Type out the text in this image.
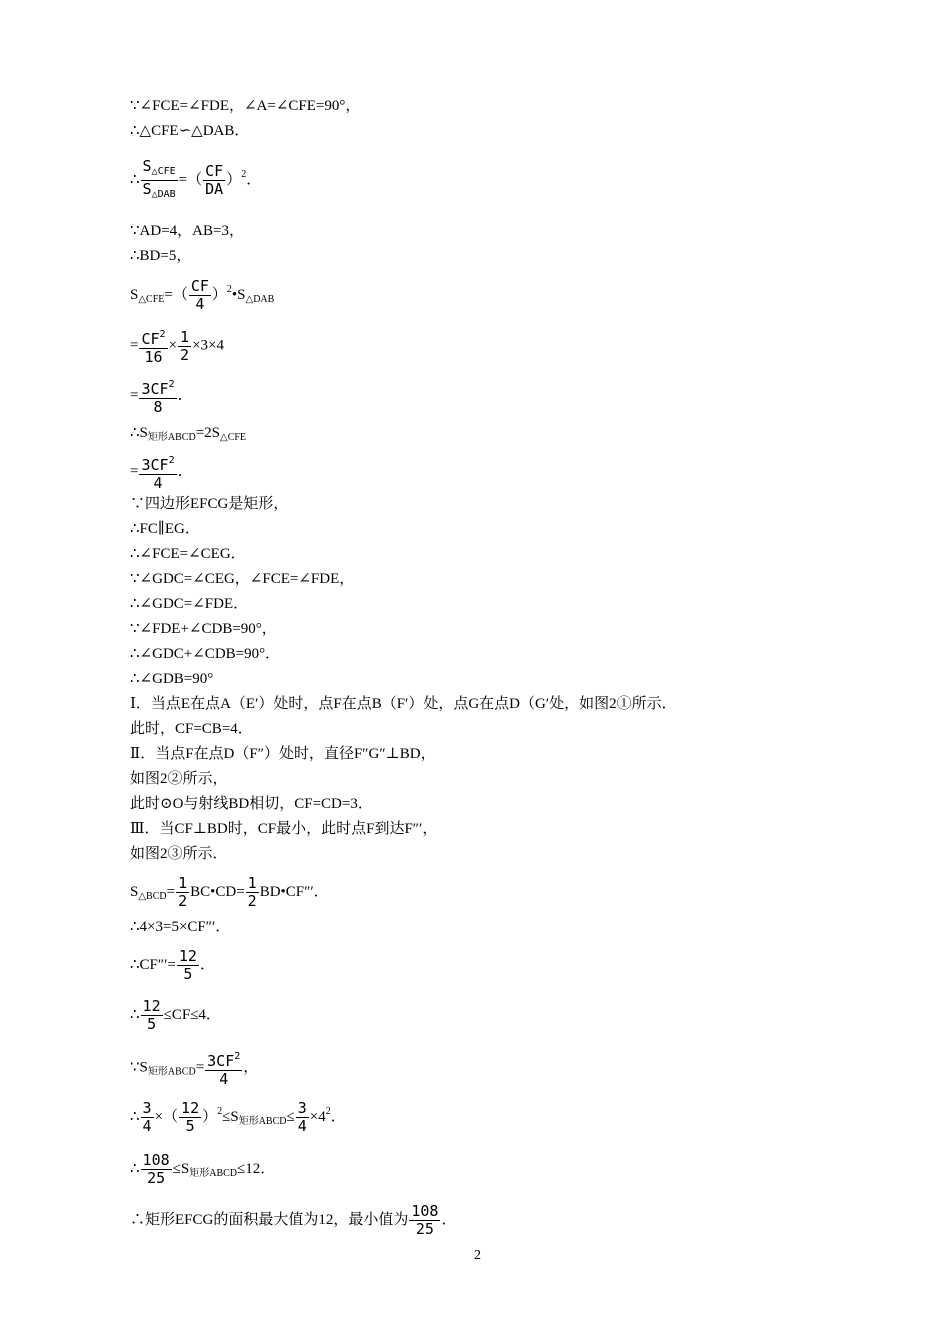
∵∠FCE=∠FDE，∠A=∠CFE=90°，
∴△CFE∽△DAB．
∴ $\frac{S_{\triangle CFE}}{S_{\triangle DAB}}$ =（ $\frac{CF}{DA} )^2$．
∵AD=4，AB=3，
∴BD=5，
$S_{\triangle CFE}=( \frac{CF}{4}$ ）$^2•S_{\triangle DAB}$
= $\frac{CF^2}{16} \times \frac{1}{2} \times 3\times 4$
= $\frac{3CF^2}{8}$ ．
$\therefore S_{矩形ABCD}=2S_{\triangle CFE}$
= $\frac{3CF^2}{4}$ ．
∵四边形EFCG是矩形，
∴FC∥EG．
∴∠FCE=∠CEG．
∵∠GDC=∠CEG，∠FCE=∠FDE，
∴∠GDC=∠FDE．
∵∠FDE+∠CDB=90°，
∴∠GDC+∠CDB=90°．
∴∠GDB=90°
Ⅰ．当点E在点A（E′）处时，点F在点B（F′）处，点G在点D（G′处，如图2①所示．
此时，CF=CB=4．
Ⅱ．当点F在点D（F″）处时，直径F″G″⊥BD，
如图2②所示，
此时⊙O与射线BD相切，CF=CD=3．
Ⅲ．当CF⊥BD时，CF最小，此时点F到达F″′，
如图2③所示．
$S_{\triangle BCD}= \frac{1}{2}$ BC•CD= $\frac{1}{2}$ BD•CF″′．
∴4×3=5×CF″′．
∴CF″′= $\frac{12}{5}$ ．
∴ $\frac{12}{5} \le CF\le 4$．
$\because S_{矩形ABCD}= \frac{3CF^2}{4}$ ，
∴ $\frac{3}{4}$ ×（ $\frac{12}{5} )^2\le S_{矩形ABCD}\le \frac{3}{4} \times 4^2$．
∴ $\frac{108}{25} \le S_{矩形ABCD}\le 12$．
∴矩形EFCG的面积最大值为12，最小值为 $\frac{108}{25}$ ．
2
